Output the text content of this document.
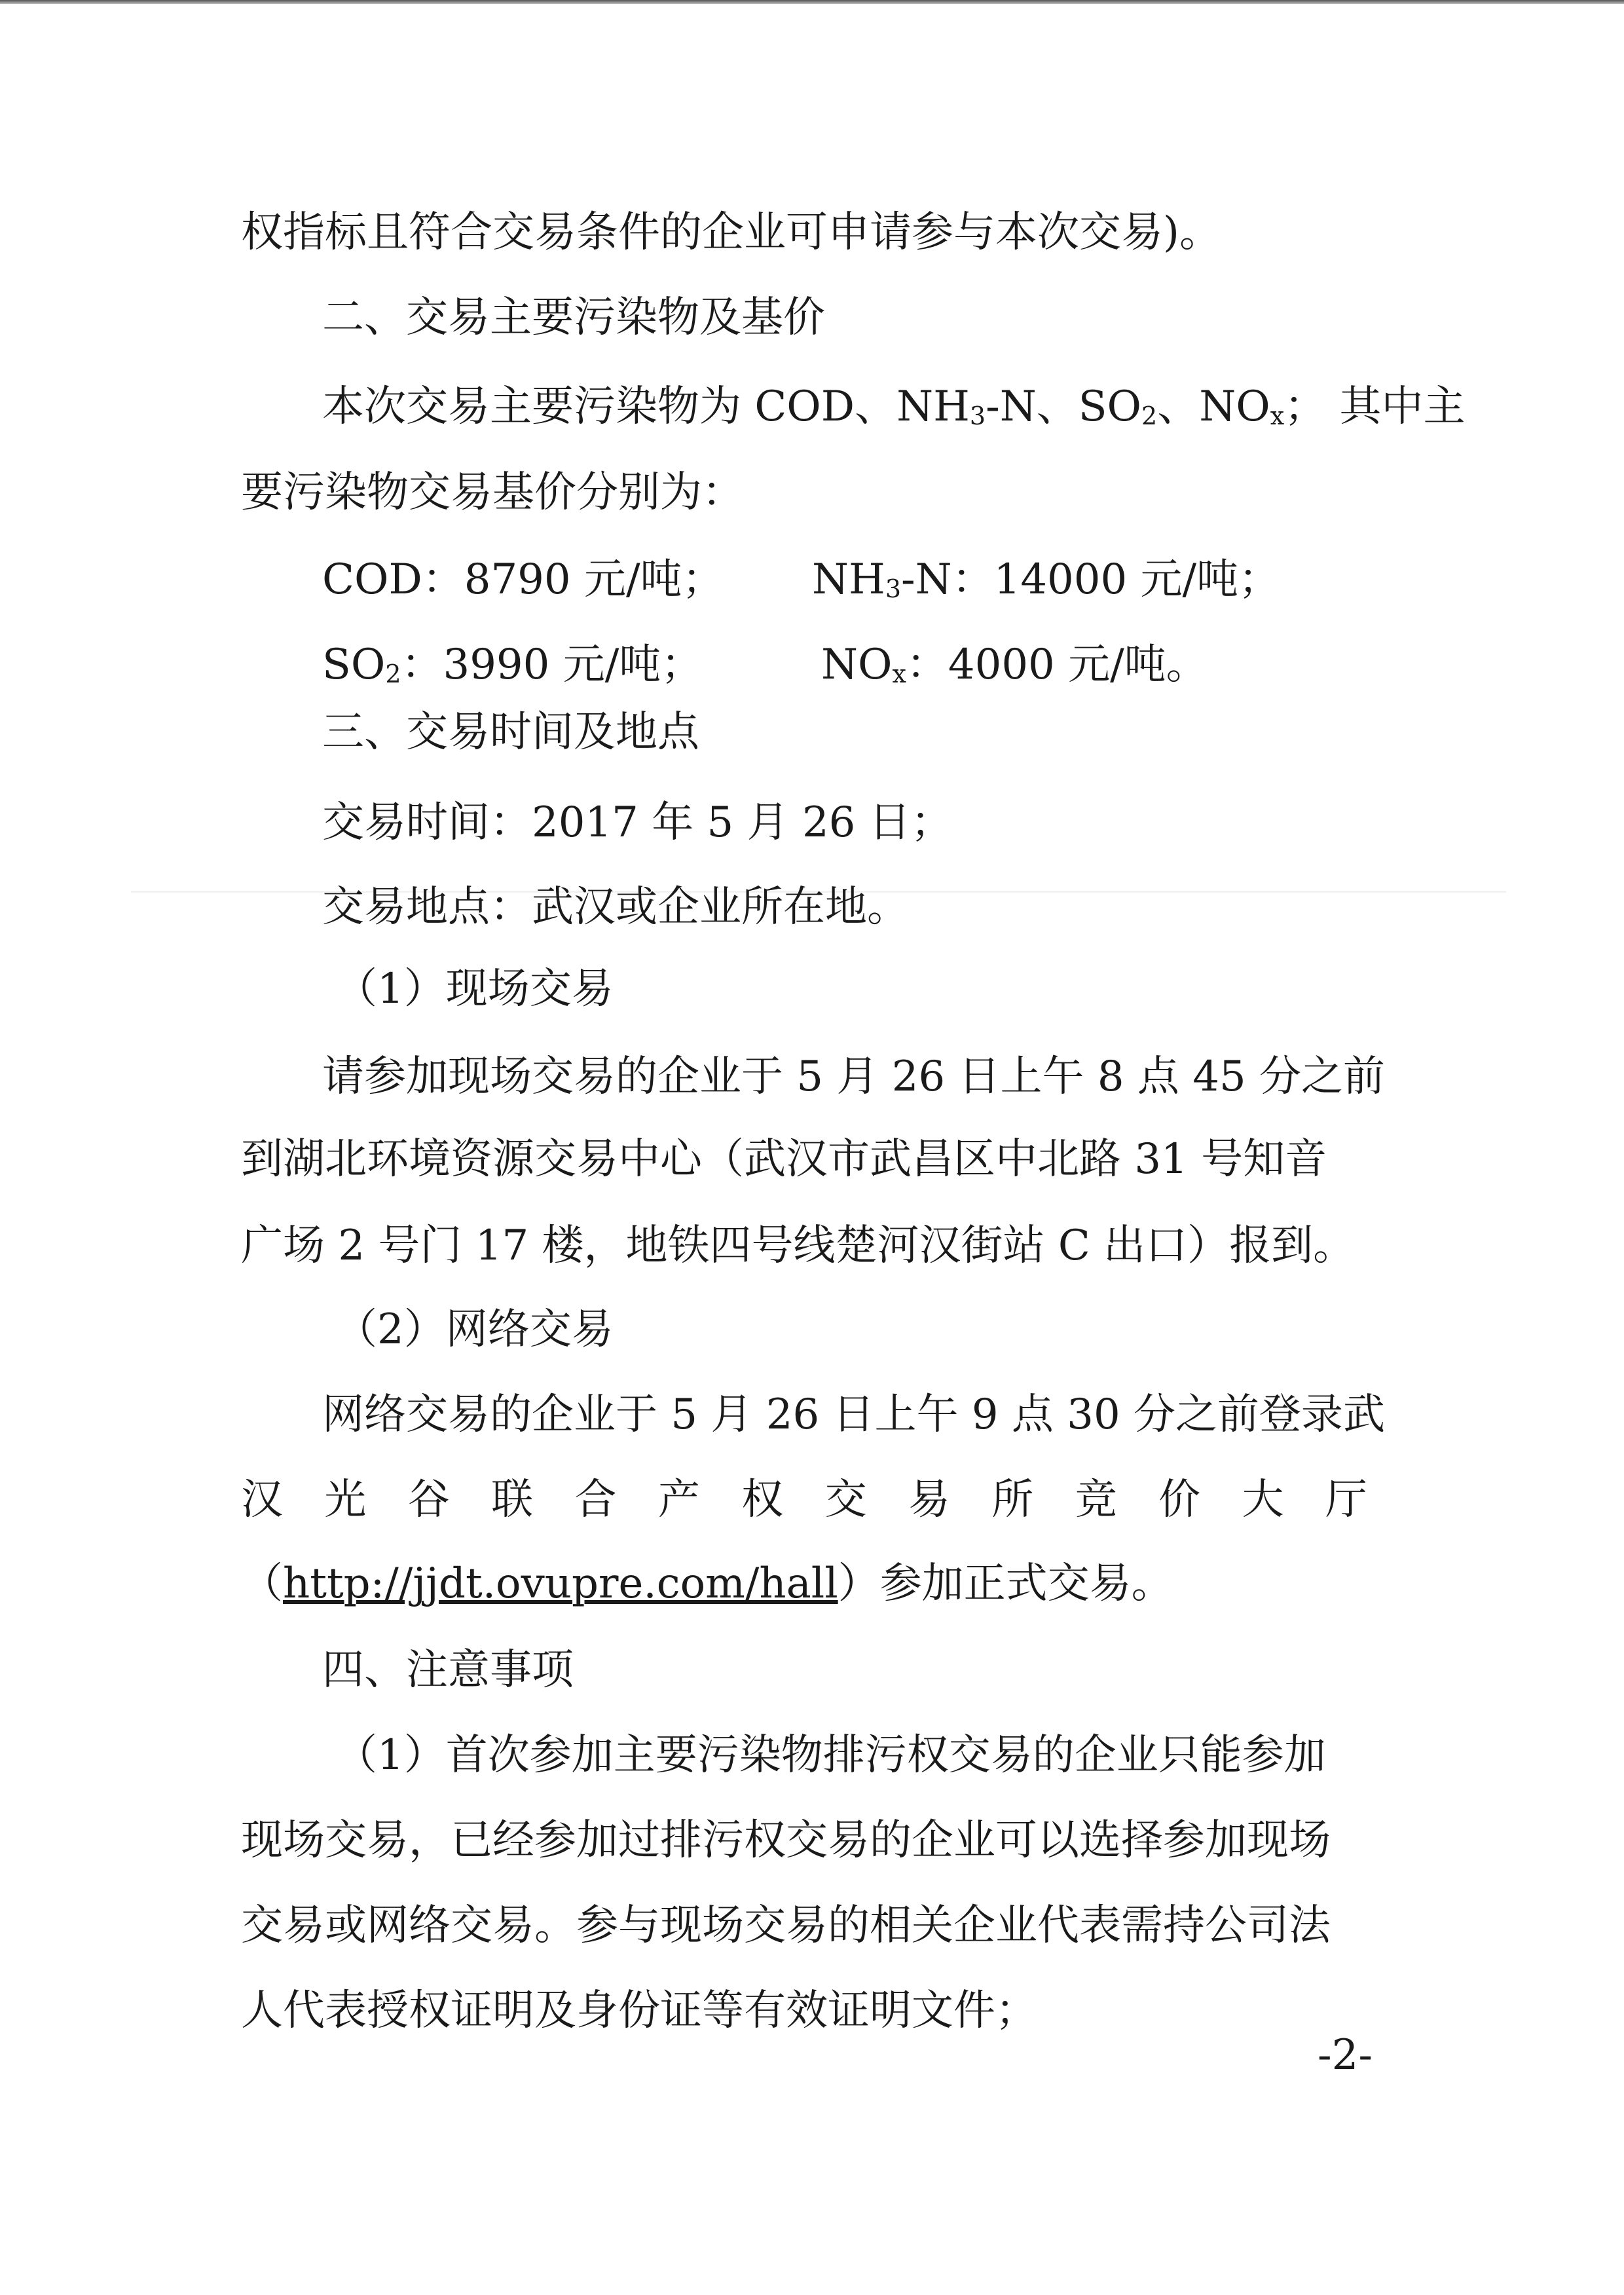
权指标且符合交易条件的企业可申请参与本次交易)。
二、交易主要污染物及基价
本次交易主要污染物为 COD、$NH_3-N$、$SO_2$、$NO_x$； 其中主
要污染物交易基价分别为：
COD：8790 元/吨； $NH_3-N$：14000 元/吨；
$SO_2$：3990 元/吨；	$NO_x$：4000 元/吨。
三、交易时间及地点
交易时间：2017 年 5 月 26 日；
交易地点：武汉或企业所在地。
（1）现场交易
请参加现场交易的企业于 5 月 26 日上午 8 点 45 分之前
到湖北环境资源交易中心（武汉市武昌区中北路 31 号知音
广场 2 号门 17 楼，地铁四号线楚河汉街站 C 出口）报到。
（2）网络交易
网络交易的企业于 5 月 26 日上午 9 点 30 分之前登录武
汉 光 谷 联 合 产 权 交 易 所 竞 价 大 厅
（http://jjdt.ovupre.com/hall）参加正式交易。
四、注意事项
（1）首次参加主要污染物排污权交易的企业只能参加
现场交易，已经参加过排污权交易的企业可以选择参加现场
交易或网络交易。参与现场交易的相关企业代表需持公司法
人代表授权证明及身份证等有效证明文件；
-2-
